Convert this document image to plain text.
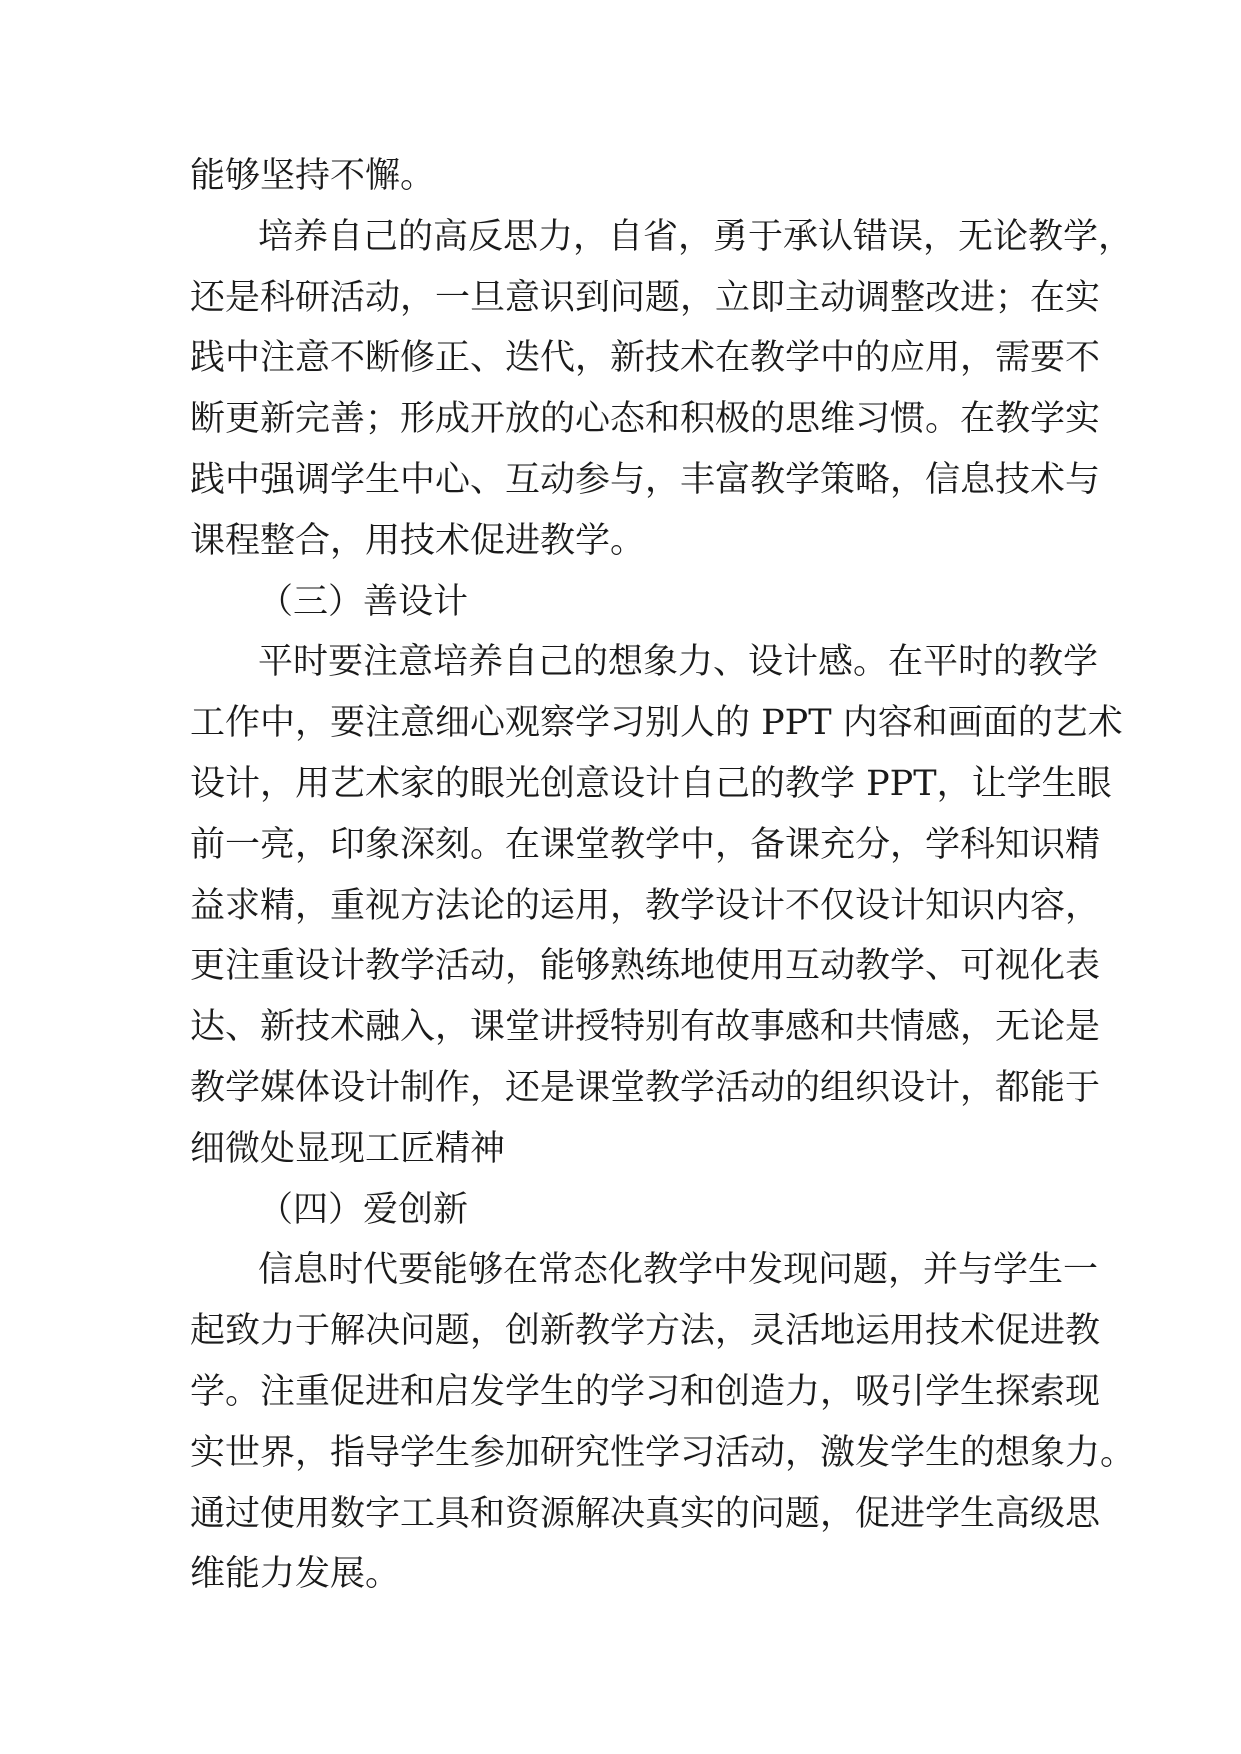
能够坚持不懈。
培养自己的高反思力，自省，勇于承认错误，无论教学，
还是科研活动，一旦意识到问题，立即主动调整改进；在实
践中注意不断修正、迭代，新技术在教学中的应用，需要不
断更新完善；形成开放的心态和积极的思维习惯。在教学实
践中强调学生中心、互动参与，丰富教学策略，信息技术与
课程整合，用技术促进教学。
（三）善设计
平时要注意培养自己的想象力、设计感。在平时的教学
工作中，要注意细心观察学习别人的 PPT 内容和画面的艺术
设计，用艺术家的眼光创意设计自己的教学 PPT，让学生眼
前一亮，印象深刻。在课堂教学中，备课充分，学科知识精
益求精，重视方法论的运用，教学设计不仅设计知识内容，
更注重设计教学活动，能够熟练地使用互动教学、可视化表
达、新技术融入，课堂讲授特别有故事感和共情感，无论是
教学媒体设计制作，还是课堂教学活动的组织设计，都能于
细微处显现工匠精神
（四）爱创新
信息时代要能够在常态化教学中发现问题，并与学生一
起致力于解决问题，创新教学方法，灵活地运用技术促进教
学。注重促进和启发学生的学习和创造力，吸引学生探索现
实世界，指导学生参加研究性学习活动，激发学生的想象力。
通过使用数字工具和资源解决真实的问题，促进学生高级思
维能力发展。
